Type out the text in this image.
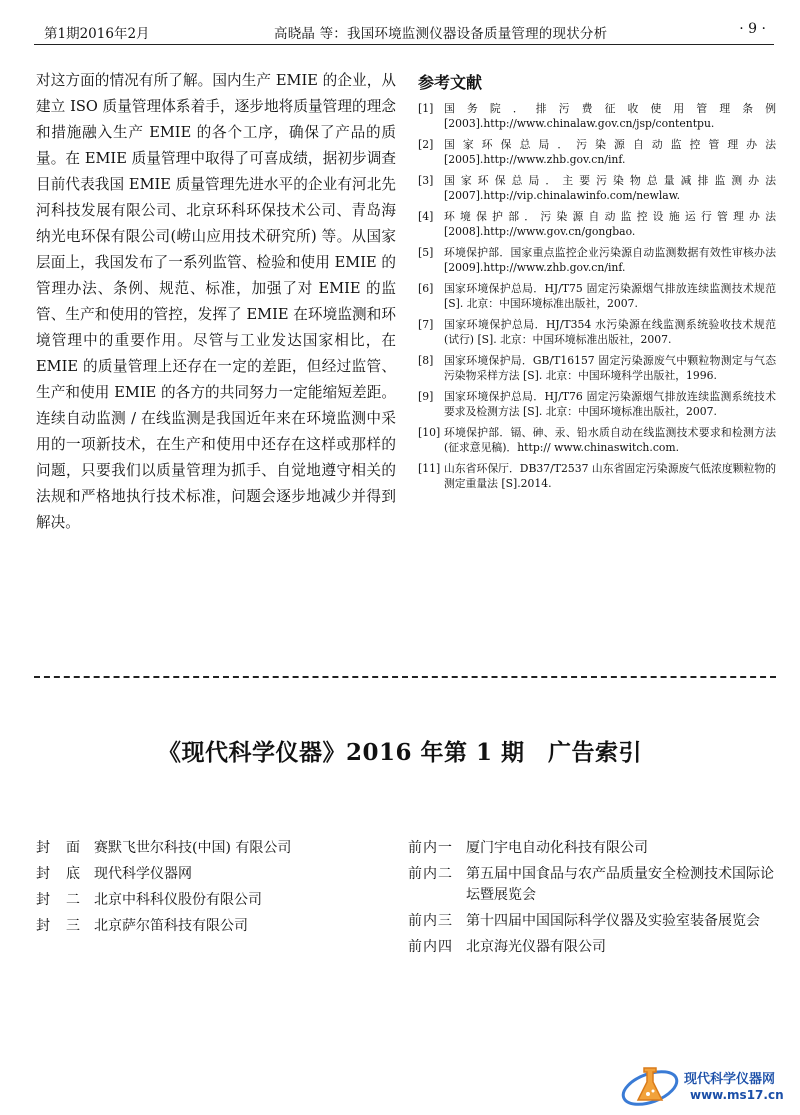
第1期2016年2月	高晓晶 等：我国环境监测仪器设备质量管理的现状分析	· 9 ·

对这方面的情况有所了解。国内生产 EMIE 的企业，从建立 ISO 质量管理体系着手，逐步地将质量管理的理念和措施融入生产 EMIE 的各个工序，确保了产品的质量。在 EMIE 质量管理中取得了可喜成绩，据初步调查目前代表我国 EMIE 质量管理先进水平的企业有河北先河科技发展有限公司、北京环科环保技术公司、青岛海纳光电环保有限公司(崂山应用技术研究所) 等。从国家层面上，我国发布了一系列监管、检验和使用 EMIE 的管理办法、条例、规范、标准，加强了对 EMIE 的监管、生产和使用的管控，发挥了 EMIE 在环境监测和环境管理中的重要作用。尽管与工业发达国家相比，在 EMIE 的质量管理上还存在一定的差距，但经过监管、生产和使用 EMIE 的各方的共同努力一定能缩短差距。连续自动监测 / 在线监测是我国近年来在环境监测中采用的一项新技术，在生产和使用中还存在这样或那样的问题，只要我们以质量管理为抓手、自觉地遵守相关的法规和严格地执行技术标准，问题会逐步地减少并得到解决。

参考文献
[1] 国务院．排污费征收使用管理条例 [2003].http://www.chinalaw.gov.cn/jsp/contentpu.
[2] 国家环保总局．污染源自动监控管理办法 [2005].http://www.zhb.gov.cn/inf.
[3] 国家环保总局．主要污染物总量减排监测办法 [2007].http://vip.chinalawinfo.com/newlaw.
[4] 环境保护部．污染源自动监控设施运行管理办法 [2008].http://www.gov.cn/gongbao.
[5] 环境保护部．国家重点监控企业污染源自动监测数据有效性审核办法 [2009].http://www.zhb.gov.cn/inf.
[6] 国家环境保护总局．HJ/T75 固定污染源烟气排放连续监测技术规范 [S]. 北京：中国环境标准出版社，2007.
[7] 国家环境保护总局．HJ/T354 水污染源在线监测系统验收技术规范(试行) [S]. 北京：中国环境标准出版社，2007.
[8] 国家环境保护局．GB/T16157 固定污染源废气中颗粒物测定与气态污染物采样方法 [S]. 北京：中国环境科学出版社，1996.
[9] 国家环境保护总局．HJ/T76 固定污染源烟气排放连续监测系统技术要求及检测方法 [S]. 北京：中国环境标准出版社，2007.
[10] 环境保护部．镉、砷、汞、铅水质自动在线监测技术要求和检测方法(征求意见稿)．http:// www.chinaswitch.com.
[11] 山东省环保厅．DB37/T2537 山东省固定污染源废气低浓度颗粒物的测定重量法 [S].2014.
《现代科学仪器》2016 年第 1 期　广告索引
封　面 赛默飞世尔科技(中国) 有限公司
封　底 现代科学仪器网
封　二 北京中科科仪股份有限公司
封　三 北京萨尔笛科技有限公司
前内一 厦门宇电自动化科技有限公司
前内二 第五届中国食品与农产品质量安全检测技术国际论坛暨展览会
前内三 第十四届中国国际科学仪器及实验室装备展览会
前内四 北京海光仪器有限公司
现代科学仪器网
www.ms17.cn
